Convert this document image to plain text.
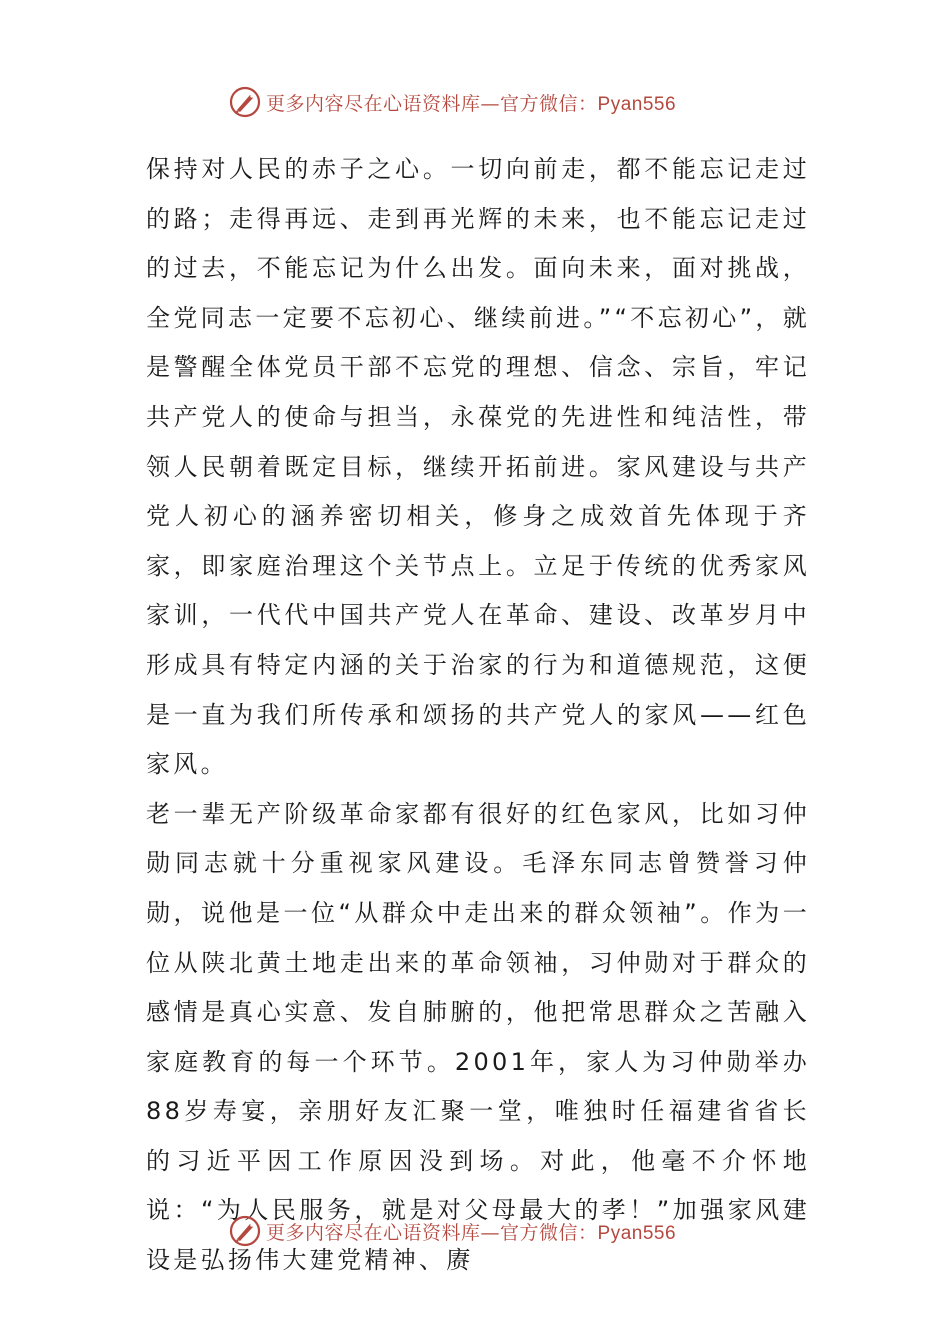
更多内容尽在心语资料库—官方微信：Pyan556

保持对人民的赤子之心。一切向前走，都不能忘记走过的路；走得再远、走到再光辉的未来，也不能忘记走过的过去，不能忘记为什么出发。面向未来，面对挑战，全党同志一定要不忘初心、继续前进。”“不忘初心”，就是警醒全体党员干部不忘党的理想、信念、宗旨，牢记共产党人的使命与担当，永葆党的先进性和纯洁性，带领人民朝着既定目标，继续开拓前进。家风建设与共产党人初心的涵养密切相关，修身之成效首先体现于齐家，即家庭治理这个关节点上。立足于传统的优秀家风家训，一代代中国共产党人在革命、建设、改革岁月中形成具有特定内涵的关于治家的行为和道德规范，这便是一直为我们所传承和颂扬的共产党人的家风——红色家风。

老一辈无产阶级革命家都有很好的红色家风，比如习仲勋同志就十分重视家风建设。毛泽东同志曾赞誉习仲勋，说他是一位“从群众中走出来的群众领袖”。作为一位从陕北黄土地走出来的革命领袖，习仲勋对于群众的感情是真心实意、发自肺腑的，他把常思群众之苦融入家庭教育的每一个环节。2001年，家人为习仲勋举办88岁寿宴，亲朋好友汇聚一堂，唯独时任福建省省长的习近平因工作原因没到场。对此，他毫不介怀地说：“为人民服务，就是对父母最大的孝！”加强家风建设是弘扬伟大建党精神、赓

更多内容尽在心语资料库—官方微信：Pyan556
